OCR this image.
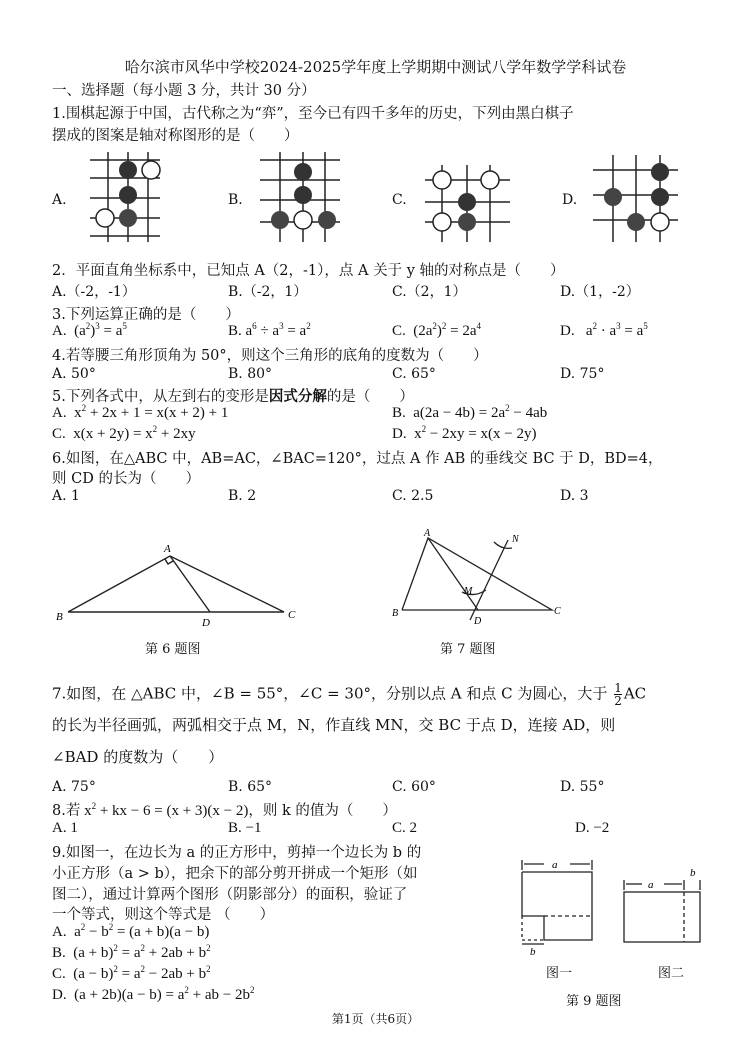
哈尔滨市风华中学校2024-2025学年度上学期期中测试八学年数学学科试卷
一、选择题（每小题 3 分，共计 30 分）
1.围棋起源于中国，古代称之为“弈”，至今已有四千多年的历史，下列由黑白棋子
摆成的图案是轴对称图形的是（　　）
A.	B.	C.	D.
2．平面直角坐标系中，已知点 A（2，-1），点 A 关于 y 轴的对称点是（　　）
A.（-2，-1）	B.（-2，1）	C.（2，1）	D.（1，-2）
3.下列运算正确的是（　　）
A.  $(a^2)^3 = a^5$	B. $a^6 \div a^3 = a^2$	C.  $(2a^2)^2 = 2a^4$	D.   $a^2 \cdot a^3 = a^5$
4.若等腰三角形顶角为 50°，则这个三角形的底角的度数为（　　）
A. 50°	B. 80°	C. 65°	D. 75°
5.下列各式中，从左到右的变形是因式分解的是（　　）
A.  $x^2 + 2x + 1 = x(x + 2) + 1$	B.  $a(2a - 4b) = 2a^2 - 4ab$
C.  $x(x + 2y) = x^2 + 2xy$	D.  $x^2 - 2xy = x(x - 2y)$
6.如图，在△ABC 中，AB=AC，∠BAC=120°，过点 A 作 AB 的垂线交 BC 于 D，BD=4，
则 CD 的长为（　　）
A. 1	B. 2	C. 2.5	D. 3
A
B	C
D
第 6 题图
A
B	C
D
M
N
第 7 题图
7.如图，在 △ABC 中，∠B = 55°，∠C = 30°，分别以点 A 和点 C 为圆心，大于 $\frac{1}{2}$ AC
的长为半径画弧，两弧相交于点 M，N，作直线 MN，交 BC 于点 D，连接 AD，则
∠BAD 的度数为（　　）
A. 75°	B. 65°	C. 60°	D. 55°
8.若 $x^2$ + kx − 6 = (x + 3)(x − 2)，则 k 的值为（　　）
A. 1	B. −1	C. 2	D. −2
9.如图一，在边长为 a 的正方形中，剪掉一个边长为 b 的
小正方形（a > b），把余下的部分剪开拼成一个矩形（如
图二），通过计算两个图形（阴影部分）的面积，验证了
一个等式，则这个等式是 （　　）
A.  $a^2 - b^2 = (a + b)(a - b)$
B.  $(a + b)^2 = a^2 + 2ab + b^2$
C.  $(a - b)^2 = a^2 - 2ab + b^2$
D.  $(a + 2b)(a - b) = a^2$ + ab − $2b^2$
a
b
a
b
图一	图二
第 9 题图
第1页（共6页）
